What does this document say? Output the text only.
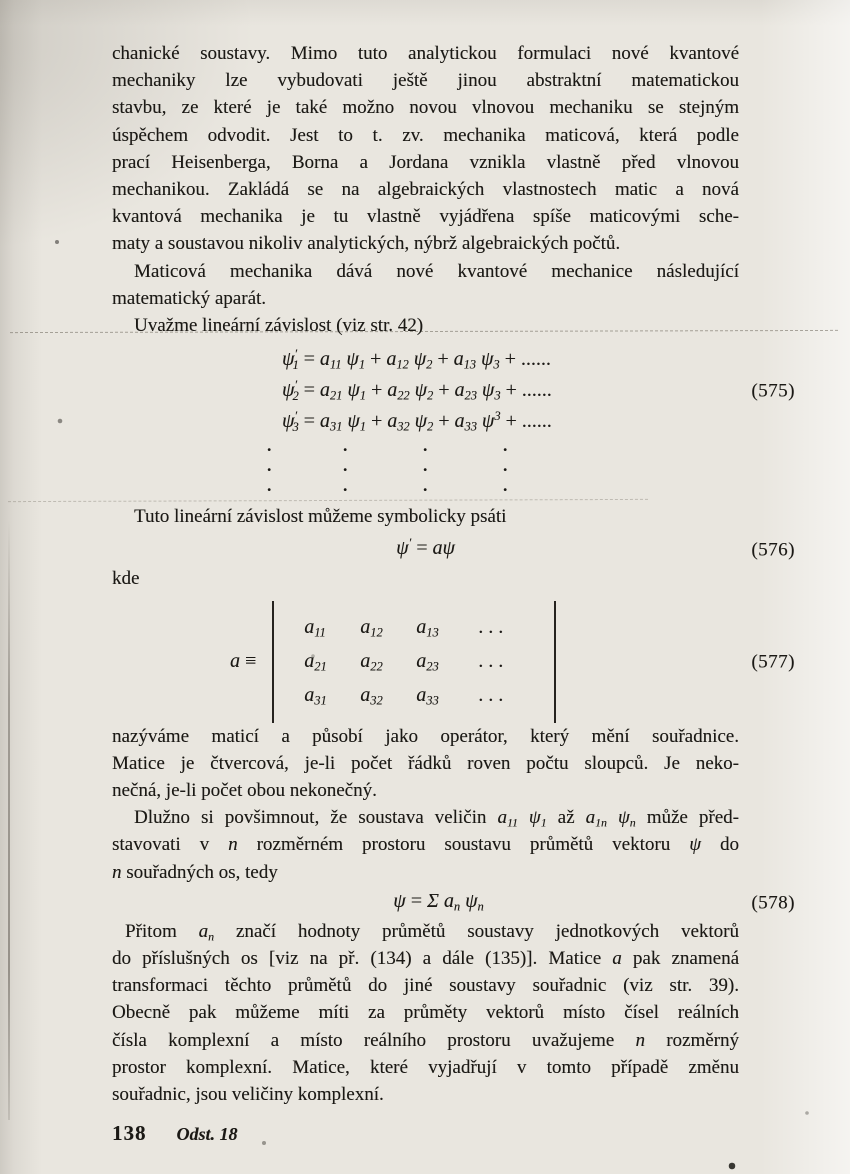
chanické soustavy. Mimo tuto analytickou formulaci nové kvantové
mechaniky lze vybudovati ještě jinou abstraktní matematickou
stavbu, ze které je také možno novou vlnovou mechaniku se stejným
úspěchem odvodit. Jest to t. zv. mechanika maticová, která podle
prací Heisenberga, Borna a Jordana vznikla vlastně před vlnovou
mechanikou. Zakládá se na algebraických vlastnostech matic a nová
kvantová mechanika je tu vlastně vyjádřena spíše maticovými sche-
maty a soustavou nikoliv analytických, nýbrž algebraických počtů.

Maticová mechanika dává nové kvantové mechanice následující
matematický aparát.

Uvažme lineární závislost (viz str. 42)

$\psi'_1 = a_{11}$ $\psi_1 + a_{12}$ $\psi_2 + a_{13}$ $\psi_3$ + ......
$\psi'_2 = a_{21}$ $\psi_1 + a_{22}$ $\psi_2 + a_{23}$ $\psi_3$ + ......
$\psi'_3 = a_{31}$ $\psi_1 + a_{32}$ $\psi_2 + a_{33}$ $\psi^3$ + ......
(575)
.
.
.
.
.
.
.
.
.
.
.
.

Tuto lineární závislost můžeme symbolicky psáti

ψ′ = aψ	(576)

kde

a ≡
$a_{11}$	$a_{12}$	$a_{13}$	. . .
$a_{21}$	$a_{22}$	$a_{23}$	. . .
$a_{31}$	$a_{32}$	$a_{33}$	. . .
(577)

nazýváme maticí a působí jako operátor, který mění souřadnice.
Matice je čtvercová, je-li počet řádků roven počtu sloupců. Je neko-
nečná, je-li počet obou nekonečný.

Dlužno si povšimnout, že soustava veličin $a_{11}$ $\psi_1$ až $a_{1n}$ $\psi_n$ může před-
stavovati v n rozměrném prostoru soustavu průmětů vektoru ψ do
n souřadných os, tedy

ψ = Σ $a_n$ $\psi_n$	(578)

Přitom $a_n$ značí hodnoty průmětů soustavy jednotkových vektorů
do příslušných os [viz na př. (134) a dále (135)]. Matice a pak znamená
transformaci těchto průmětů do jiné soustavy souřadnic (viz str. 39).
Obecně pak můžeme míti za průměty vektorů místo čísel reálních
čísla komplexní a místo reálního prostoru uvažujeme n rozměrný
prostor komplexní. Matice, které vyjadřují v tomto případě změnu
souřadnic, jsou veličiny komplexní.

138 Odst. 18
